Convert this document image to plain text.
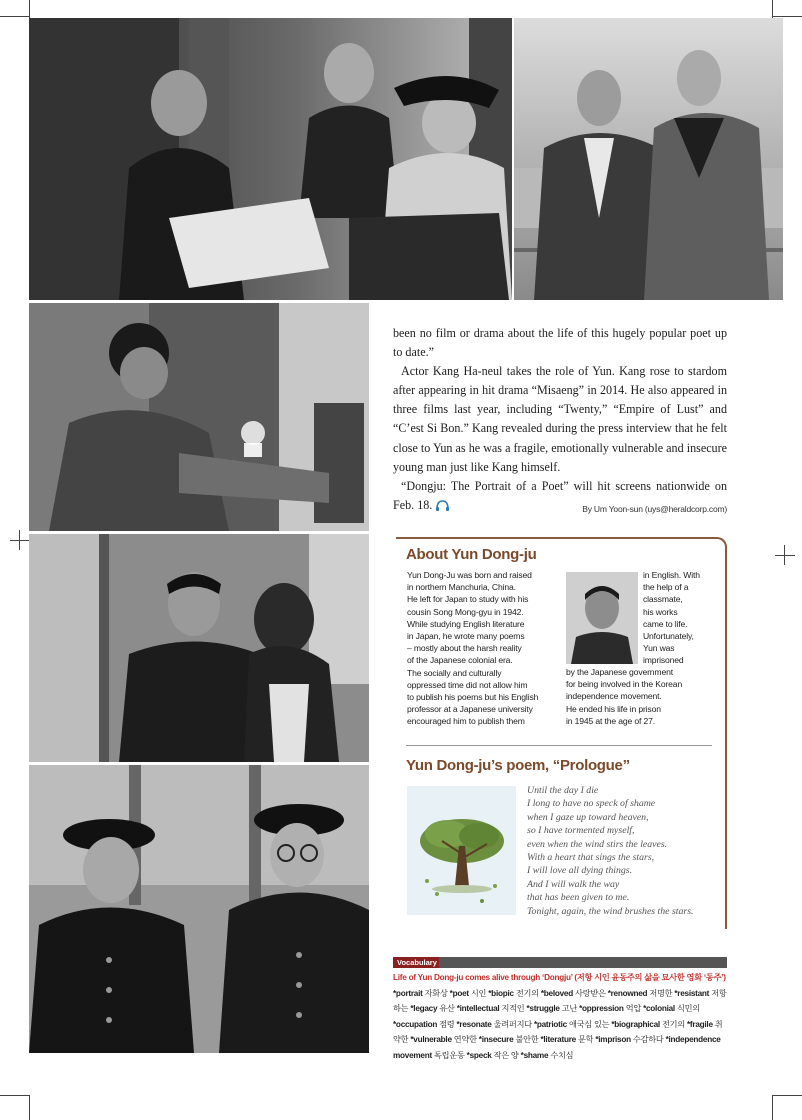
been no film or drama about the life of this hugely popular poet up to date.”

Actor Kang Ha-neul takes the role of Yun. Kang rose to stardom after appearing in hit drama “Misaeng” in 2014. He also appeared in three films last year, including “Twenty,” “Empire of Lust” and “C’est Si Bon.” Kang revealed during the press interview that he felt close to Yun as he was a fragile, emotionally vulnerable and insecure young man just like Kang himself.

“Dongju: The Portrait of a Poet” will hit screens nationwide on Feb. 18.	By Um Yoon-sun (uys@heraldcorp.com)

About Yun Dong-ju
Yun Dong-Ju was born and raised
in northern Manchuria, China.
He left for Japan to study with his
cousin Song Mong-gyu in 1942.
While studying English literature
in Japan, he wrote many poems
– mostly about the harsh reality
of the Japanese colonial era.
The socially and culturally
oppressed time did not allow him
to publish his poems but his English
professor at a Japanese university
encouraged him to publish them
in English. With
the help of a
classmate,
his works
came to life.
Unfortunately,
Yun was
imprisoned
by the Japanese government
for being involved in the Korean
independence movement.
He ended his life in prison
in 1945 at the age of 27.
Yun Dong-ju’s poem, “Prologue”
Until the day I die
I long to have no speck of shame
when I gaze up toward heaven,
so I have tormented myself,
even when the wind stirs the leaves.
With a heart that sings the stars,
I will love all dying things.
And I will walk the way
that has been given to me.
Tonight, again, the wind brushes the stars.
Vocabulary
Life of Yun Dong-ju comes alive through ‘Dongju’ (저항 시인 윤동주의 삶을 묘사한 영화 ‘동주’) *portrait 자화상 *poet 시인 *biopic 전기의 *beloved 사랑받은 *renowned 저명한 *resistant 저항하는 *legacy 유산 *intellectual 지적인 *struggle 고난 *oppression 억압 *colonial 식민의 *occupation 점령 *resonate 울려퍼지다 *patriotic 애국심 있는 *biographical 전기의 *fragile 취약한 *vulnerable 연약한 *insecure 불안한 *literature 문학 *imprison 수감하다 *independence movement 독립운동 *speck 작은 양 *shame 수치심
